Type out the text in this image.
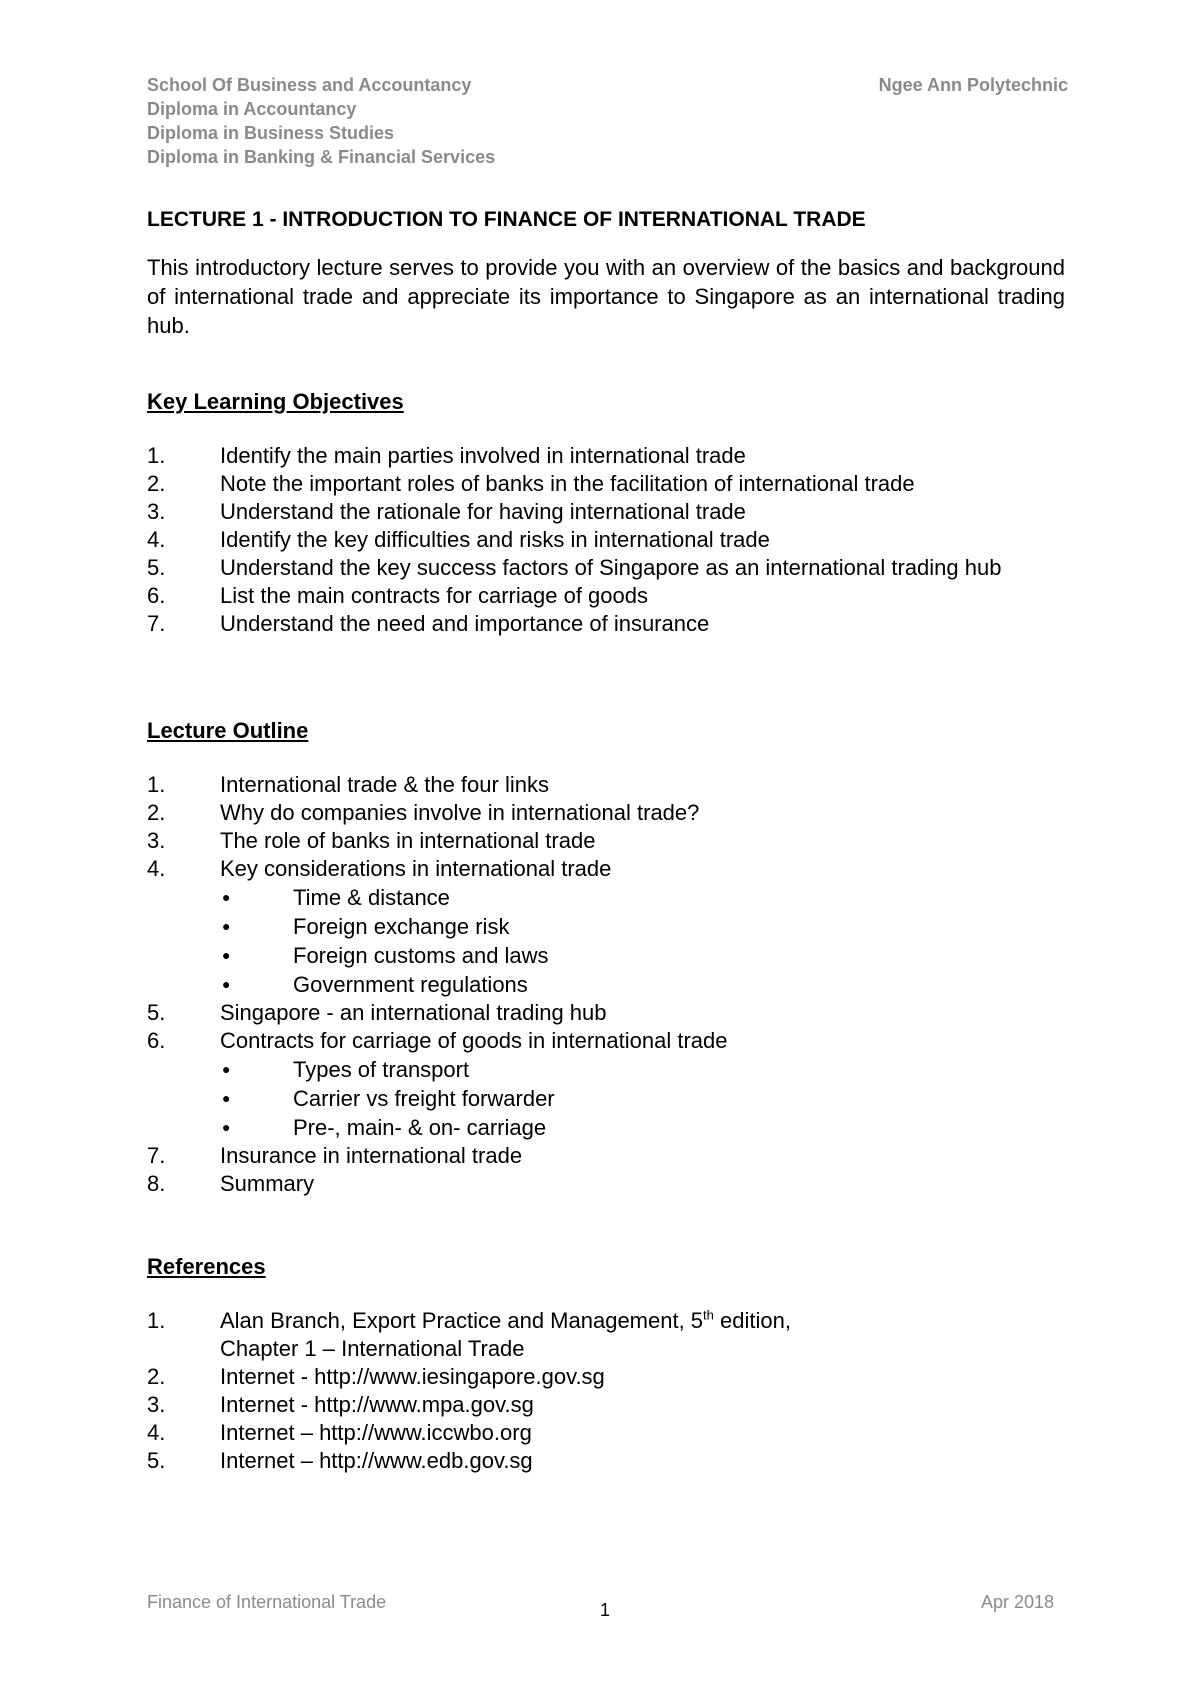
School Of Business and Accountancy
Diploma in Accountancy
Diploma in Business Studies
Diploma in Banking & Financial Services
Ngee Ann Polytechnic
LECTURE 1 - INTRODUCTION TO FINANCE OF INTERNATIONAL TRADE
This introductory lecture serves to provide you with an overview of the basics and background of international trade and appreciate its importance to Singapore as an international trading hub.
Key Learning Objectives
1.	Identify the main parties involved in international trade
2.	Note the important roles of banks in the facilitation of international trade
3.	Understand the rationale for having international trade
4.	Identify the key difficulties and risks in international trade
5.	Understand the key success factors of Singapore as an international trading hub
6.	List the main contracts for carriage of goods
7.	Understand the need and importance of insurance
Lecture Outline
1.	International trade & the four links
2.	Why do companies involve in international trade?
3.	The role of banks in international trade
4.	Key considerations in international trade
●	Time & distance
●	Foreign exchange risk
●	Foreign customs and laws
●	Government regulations
5.	Singapore - an international trading hub
6.	Contracts for carriage of goods in international trade
●	Types of transport
●	Carrier vs freight forwarder
●	Pre-, main- & on- carriage
7.	Insurance in international trade
8.	Summary
References
1.	Alan Branch, Export Practice and Management, 5th edition,
Chapter 1 – International Trade
2.	Internet - http://www.iesingapore.gov.sg
3.	Internet - http://www.mpa.gov.sg
4.	Internet – http://www.iccwbo.org
5.	Internet – http://www.edb.gov.sg
Finance of International Trade	1	Apr 2018
